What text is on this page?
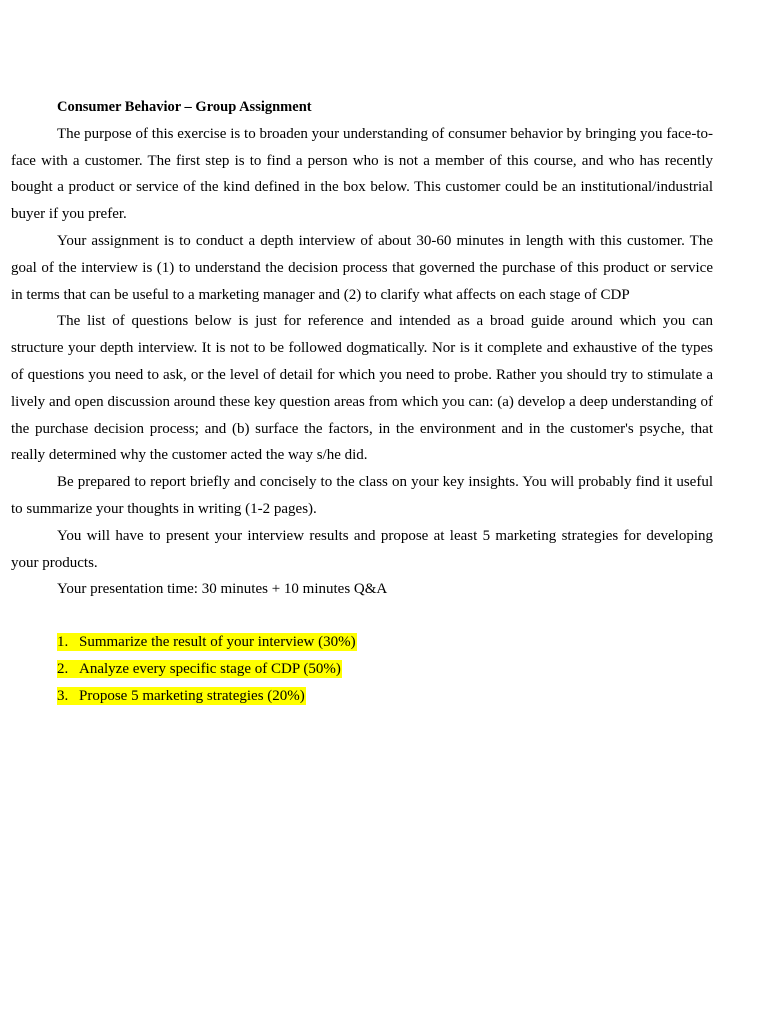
Consumer Behavior – Group Assignment

The purpose of this exercise is to broaden your understanding of consumer behavior by bringing you face-to-face with a customer. The first step is to find a person who is not a member of this course, and who has recently bought a product or service of the kind defined in the box below. This customer could be an institutional/industrial buyer if you prefer.

Your assignment is to conduct a depth interview of about 30-60 minutes in length with this customer. The goal of the interview is (1) to understand the decision process that governed the purchase of this product or service in terms that can be useful to a marketing manager and (2) to clarify what affects on each stage of CDP

The list of questions below is just for reference and intended as a broad guide around which you can structure your depth interview. It is not to be followed dogmatically. Nor is it complete and exhaustive of the types of questions you need to ask, or the level of detail for which you need to probe. Rather you should try to stimulate a lively and open discussion around these key question areas from which you can: (a) develop a deep understanding of the purchase decision process; and (b) surface the factors, in the environment and in the customer's psyche, that really determined why the customer acted the way s/he did.

Be prepared to report briefly and concisely to the class on your key insights. You will probably find it useful to summarize your thoughts in writing (1-2 pages).

You will have to present your interview results and propose at least 5 marketing strategies for developing your products.

Your presentation time: 30 minutes + 10 minutes Q&A

1. Summarize the result of your interview (30%)
2. Analyze every specific stage of CDP (50%)
3. Propose 5 marketing strategies (20%)
